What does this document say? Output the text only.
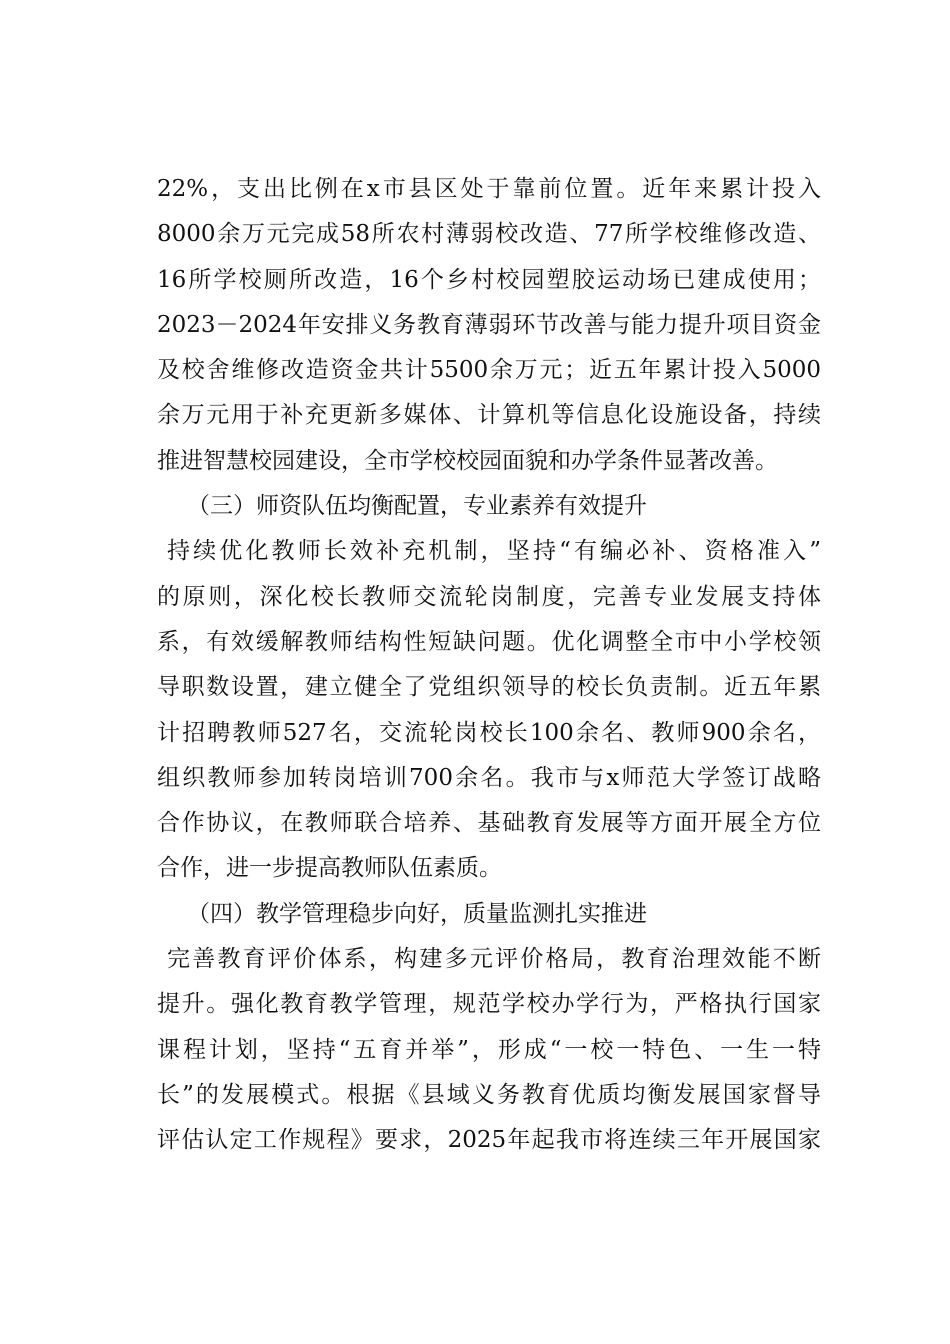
22%，支出比例在x市县区处于靠前位置。近年来累计投入
8000余万元完成58所农村薄弱校改造、77所学校维修改造、
16所学校厕所改造，16个乡村校园塑胶运动场已建成使用；
2023－2024年安排义务教育薄弱环节改善与能力提升项目资金
及校舍维修改造资金共计5500余万元；近五年累计投入5000
余万元用于补充更新多媒体、计算机等信息化设施设备，持续
推进智慧校园建设，全市学校校园面貌和办学条件显著改善。
（三）师资队伍均衡配置，专业素养有效提升
持续优化教师长效补充机制，坚持“有编必补、资格准入”
的原则，深化校长教师交流轮岗制度，完善专业发展支持体
系，有效缓解教师结构性短缺问题。优化调整全市中小学校领
导职数设置，建立健全了党组织领导的校长负责制。近五年累
计招聘教师527名，交流轮岗校长100余名、教师900余名，
组织教师参加转岗培训700余名。我市与x师范大学签订战略
合作协议，在教师联合培养、基础教育发展等方面开展全方位
合作，进一步提高教师队伍素质。
（四）教学管理稳步向好，质量监测扎实推进
完善教育评价体系，构建多元评价格局，教育治理效能不断
提升。强化教育教学管理，规范学校办学行为，严格执行国家
课程计划，坚持“五育并举”，形成“一校一特色、一生一特
长”的发展模式。根据《县域义务教育优质均衡发展国家督导
评估认定工作规程》要求，2025年起我市将连续三年开展国家
